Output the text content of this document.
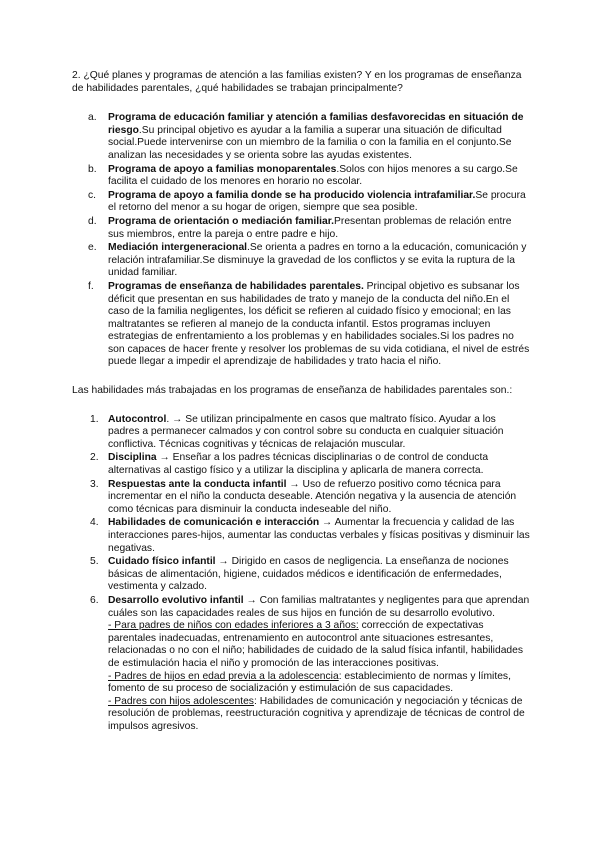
2. ¿Qué planes y programas de atención a las familias existen? Y en los programas de enseñanza de habilidades parentales, ¿qué habilidades se trabajan principalmente?

a. Programa de educación familiar y atención a familias desfavorecidas en situación de riesgo.Su principal objetivo es ayudar a la familia a superar una situación de dificultad social.Puede intervenirse con un miembro de la familia o con la familia en el conjunto.Se analizan las necesidades y se orienta sobre las ayudas existentes.
b. Programa de apoyo a familias monoparentales.Solos con hijos menores a su cargo.Se facilita el cuidado de los menores en horario no escolar.
c. Programa de apoyo a familia donde se ha producido violencia intrafamiliar.Se procura el retorno del menor a su hogar de origen, siempre que sea posible.
d. Programa de orientación o mediación familiar.Presentan problemas de relación entre sus miembros, entre la pareja o entre padre e hijo.
e. Mediación intergeneracional.Se orienta a padres en torno a la educación, comunicación y relación intrafamiliar.Se disminuye la gravedad de los conflictos y se evita la ruptura de la unidad familiar.
f. Programas de enseñanza de habilidades parentales. Principal objetivo es subsanar los déficit que presentan en sus habilidades de trato y manejo de la conducta del niño.En el caso de la familia negligentes, los déficit se refieren al cuidado físico y emocional; en las maltratantes se refieren al manejo de la conducta infantil. Estos programas incluyen estrategias de enfrentamiento a los problemas y en habilidades sociales.Si los padres no son capaces de hacer frente y resolver los problemas de su vida cotidiana, el nivel de estrés puede llegar a impedir el aprendizaje de habilidades y trato hacia el niño.

Las habilidades más trabajadas en los programas de enseñanza de habilidades parentales son.:

1. Autocontrol. → Se utilizan principalmente en casos que maltrato físico. Ayudar a los padres a permanecer calmados y con control sobre su conducta en cualquier situación conflictiva. Técnicas cognitivas y técnicas de relajación muscular.
2. Disciplina → Enseñar a los padres técnicas disciplinarias o de control de conducta alternativas al castigo físico y a utilizar la disciplina y aplicarla de manera correcta.
3. Respuestas ante la conducta infantil → Uso de refuerzo positivo como técnica para incrementar en el niño la conducta deseable. Atención negativa y la ausencia de atención como técnicas para disminuir la conducta indeseable del niño.
4. Habilidades de comunicación e interacción → Aumentar la frecuencia y calidad de las interacciones pares-hijos, aumentar las conductas verbales y físicas positivas y disminuir las negativas.
5. Cuidado físico infantil → Dirigido en casos de negligencia. La enseñanza de nociones básicas de alimentación, higiene, cuidados médicos e identificación de enfermedades, vestimenta y calzado.
6. Desarrollo evolutivo infantil → Con familias maltratantes y negligentes para que aprendan cuáles son las capacidades reales de sus hijos en función de su desarrollo evolutivo.
- Para padres de niños con edades inferiores a 3 años: corrección de expectativas parentales inadecuadas, entrenamiento en autocontrol ante situaciones estresantes, relacionadas o no con el niño; habilidades de cuidado de la salud física infantil, habilidades de estimulación hacia el niño y promoción de las interacciones positivas.
- Padres de hijos en edad previa a la adolescencia: establecimiento de normas y límites, fomento de su proceso de socialización y estimulación de sus capacidades.
- Padres con hijos adolescentes: Habilidades de comunicación y negociación y técnicas de resolución de problemas, reestructuración cognitiva y aprendizaje de técnicas de control de impulsos agresivos.
